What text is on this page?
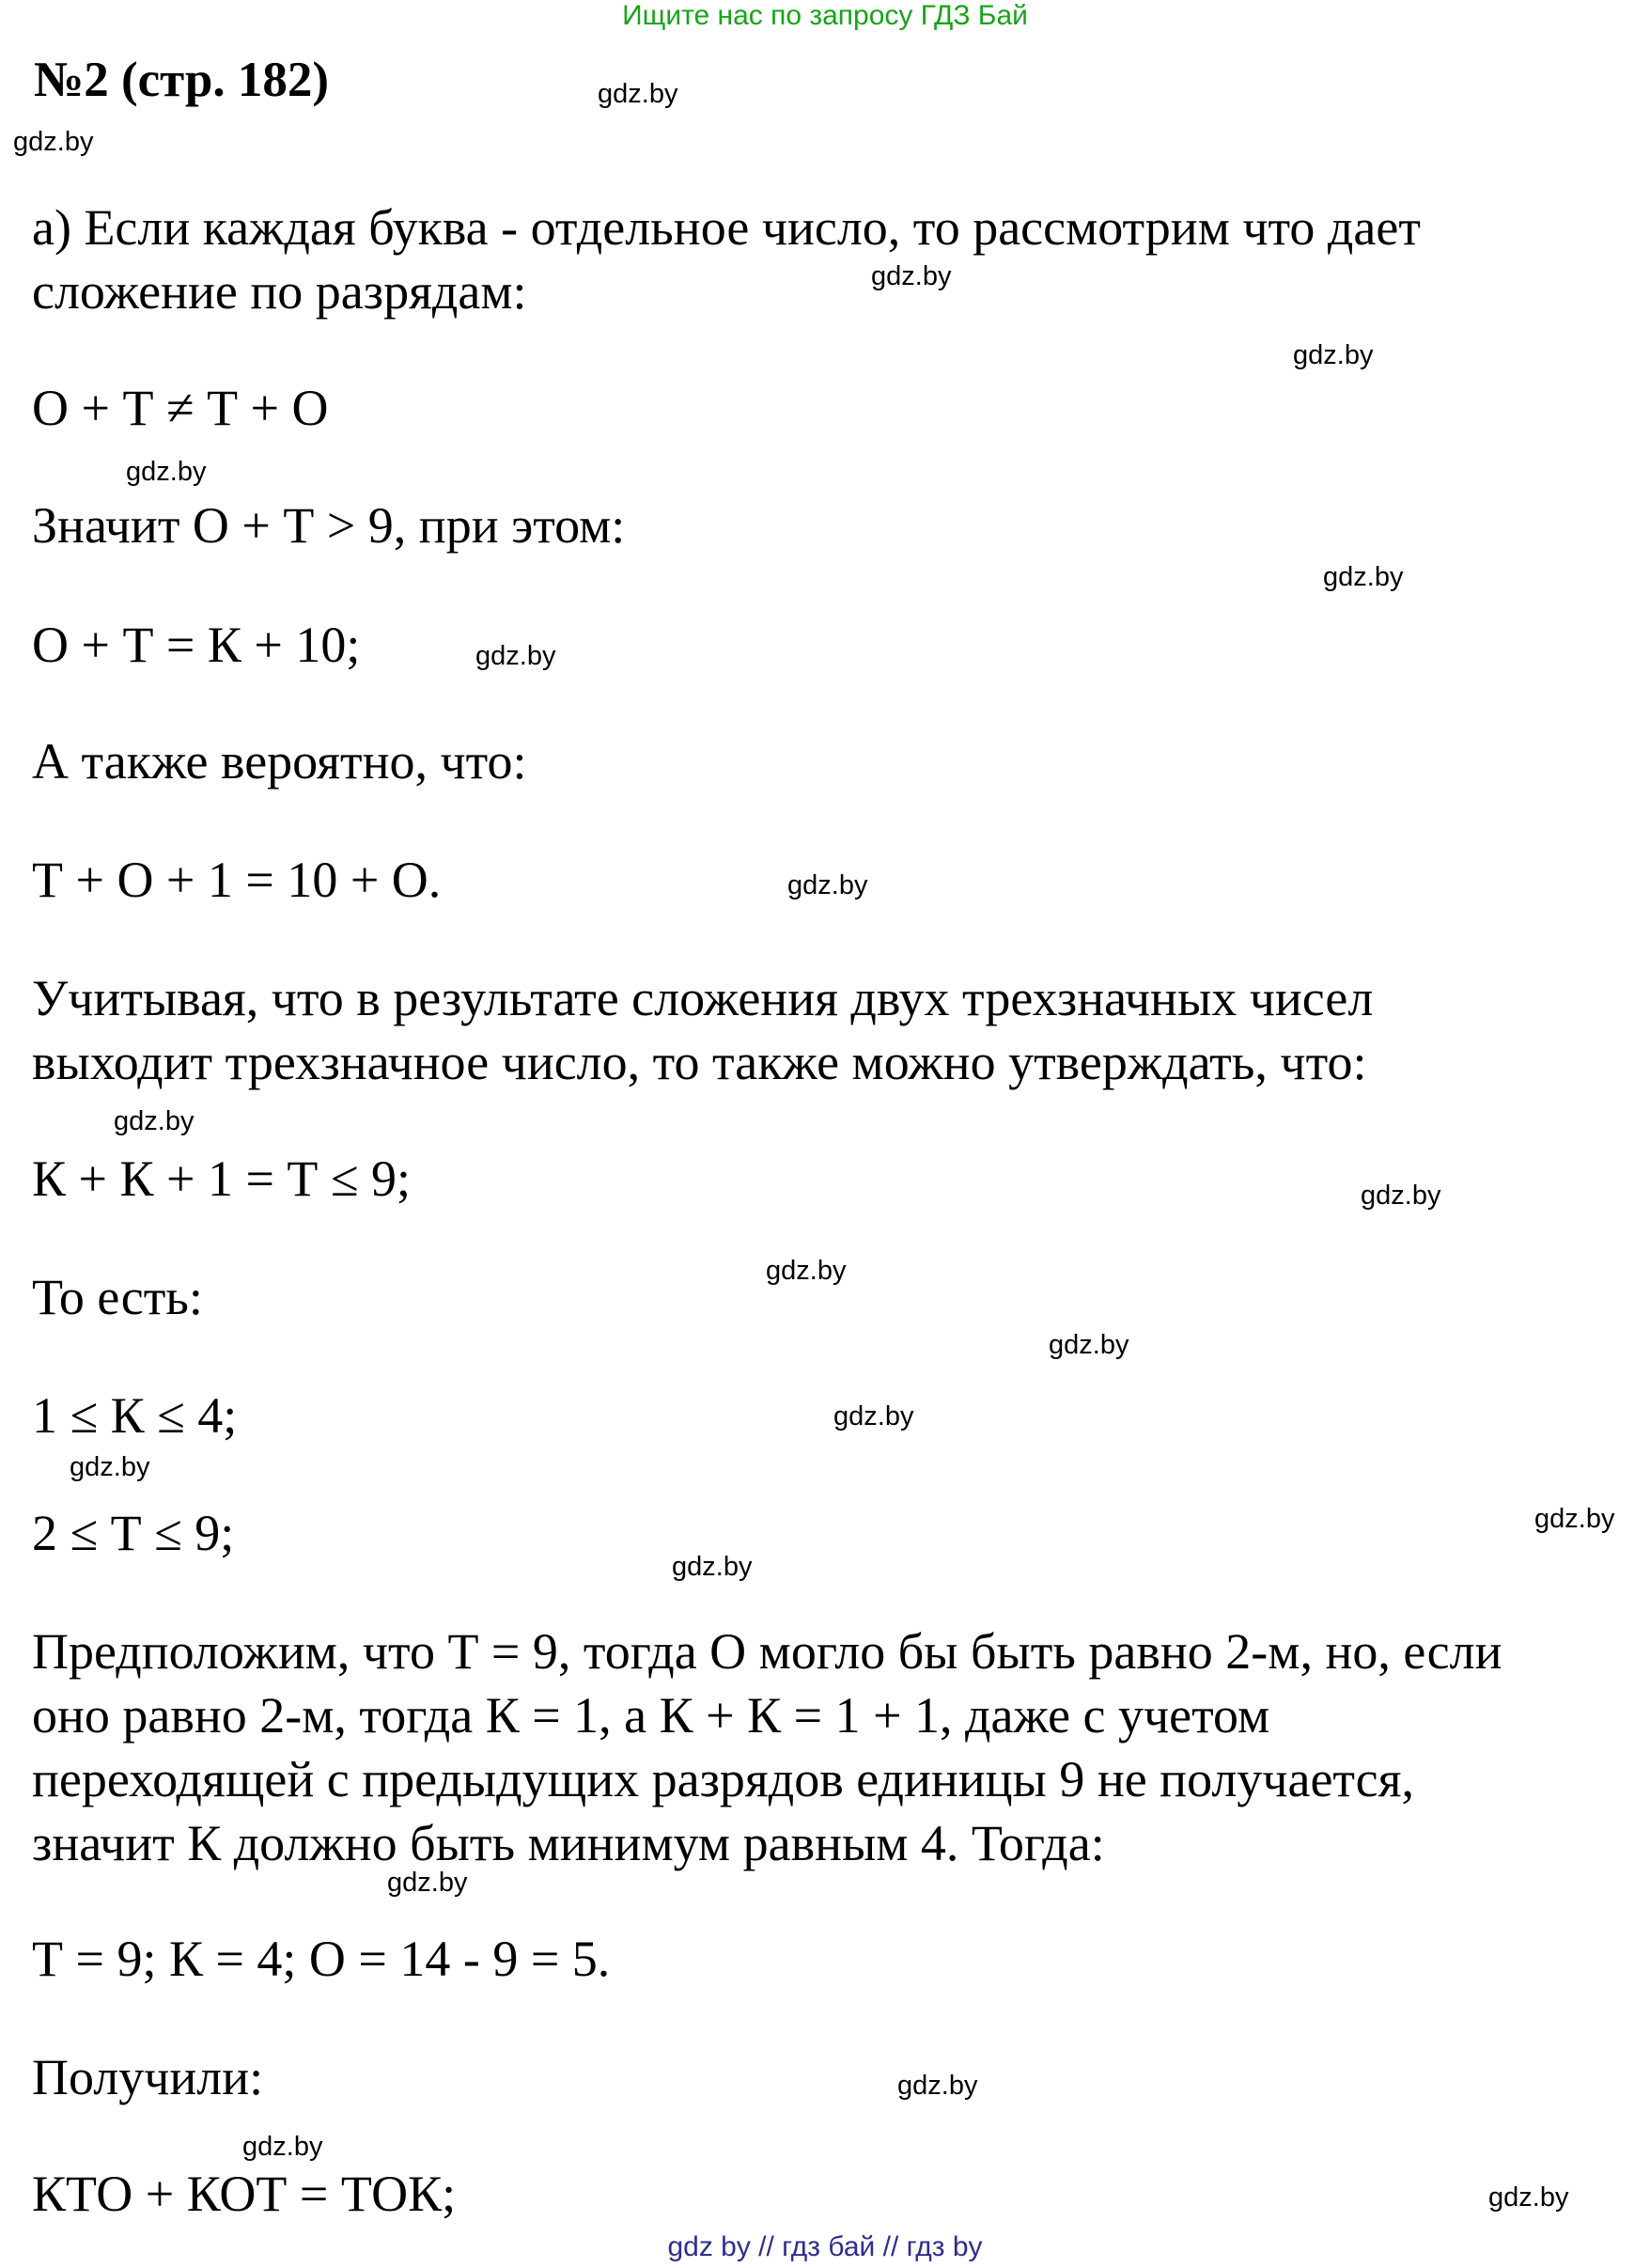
Ищите нас по запросу ГДЗ Бай
№2 (стр. 182)	gdz.by
gdz.by
gdz.by
gdz.by
gdz.by
gdz.by
gdz.by
gdz.by
gdz.by
gdz.by
gdz.by
gdz.by
gdz.by
gdz.by
gdz.by
gdz.by
gdz.by
gdz.by
gdz.by
gdz.by
а) Если каждая буква - отдельное число, то рассмотрим что дает
сложение по разрядам:
О + Т ≠ Т + О
Значит О + Т > 9, при этом:
О + Т = К + 10;
А также вероятно, что:
Т + О + 1 = 10 + О.
Учитывая, что в результате сложения двух трехзначных чисел
выходит трехзначное число, то также можно утверждать, что:
К + К + 1 = Т ≤ 9;
То есть:
1 ≤ К ≤ 4;
2 ≤ Т ≤ 9;
Предположим, что Т = 9, тогда О могло бы быть равно 2-м, но, если
оно равно 2-м, тогда К = 1, а К + К = 1 + 1, даже с учетом
переходящей с предыдущих разрядов единицы 9 не получается,
значит К должно быть минимум равным 4. Тогда:
Т = 9; К = 4; О = 14 - 9 = 5.
Получили:
КТО + КОТ = ТОК;
gdz by // гдз бай // гдз by
